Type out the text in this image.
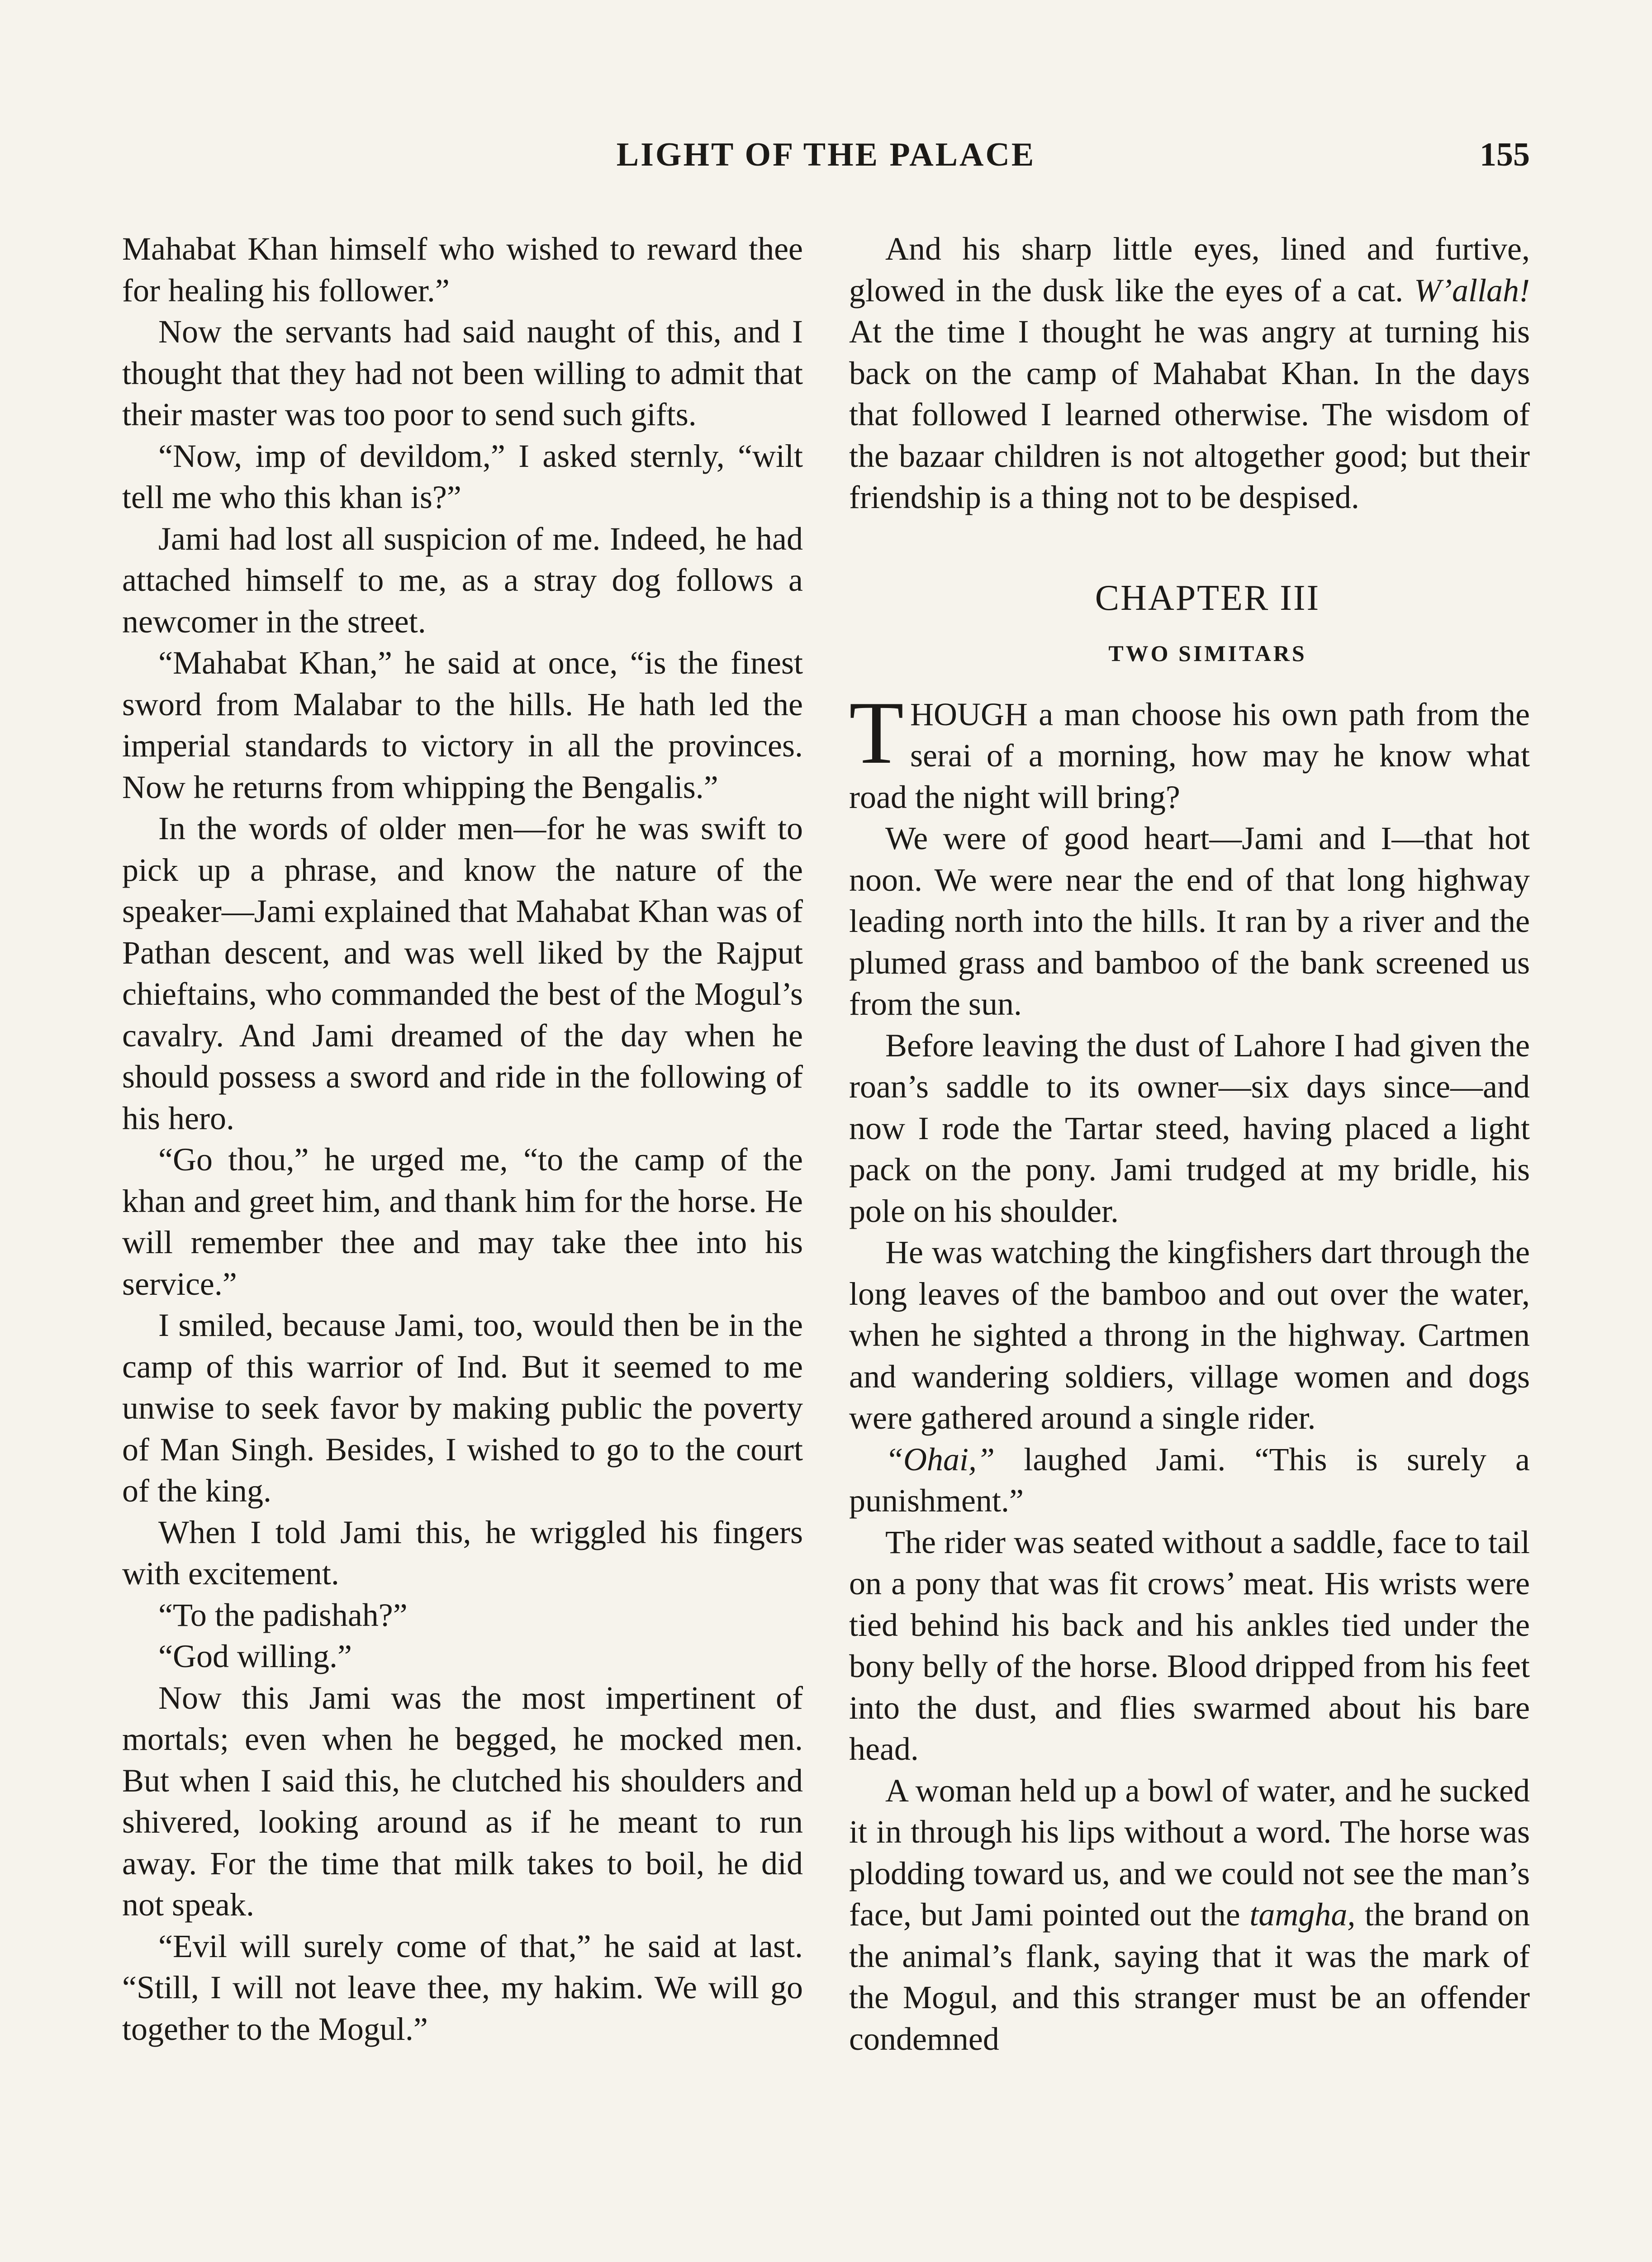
LIGHT OF THE PALACE	155

Mahabat Khan himself who wished to reward thee for healing his follower.”

Now the servants had said naught of this, and I thought that they had not been willing to admit that their master was too poor to send such gifts.

“Now, imp of devildom,” I asked sternly, “wilt tell me who this khan is?”

Jami had lost all suspicion of me. Indeed, he had attached himself to me, as a stray dog follows a newcomer in the street.

“Mahabat Khan,” he said at once, “is the finest sword from Malabar to the hills. He hath led the imperial standards to victory in all the provinces. Now he returns from whipping the Bengalis.”

In the words of older men—for he was swift to pick up a phrase, and know the nature of the speaker—Jami explained that Mahabat Khan was of Pathan descent, and was well liked by the Rajput chieftains, who commanded the best of the Mogul’s cavalry. And Jami dreamed of the day when he should possess a sword and ride in the following of his hero.

“Go thou,” he urged me, “to the camp of the khan and greet him, and thank him for the horse. He will remember thee and may take thee into his service.”

I smiled, because Jami, too, would then be in the camp of this warrior of Ind. But it seemed to me unwise to seek favor by making public the poverty of Man Singh. Besides, I wished to go to the court of the king.

When I told Jami this, he wriggled his fingers with excitement.

“To the padishah?”

“God willing.”

Now this Jami was the most impertinent of mortals; even when he begged, he mocked men. But when I said this, he clutched his shoulders and shivered, looking around as if he meant to run away. For the time that milk takes to boil, he did not speak.

“Evil will surely come of that,” he said at last. “Still, I will not leave thee, my hakim. We will go together to the Mogul.”

And his sharp little eyes, lined and furtive, glowed in the dusk like the eyes of a cat. W’allah! At the time I thought he was angry at turning his back on the camp of Mahabat Khan. In the days that followed I learned otherwise. The wisdom of the bazaar children is not altogether good; but their friendship is a thing not to be despised.

CHAPTER III

TWO SIMITARS

THOUGH a man choose his own path from the serai of a morning, how may he know what road the night will bring?

We were of good heart—Jami and I—that hot noon. We were near the end of that long highway leading north into the hills. It ran by a river and the plumed grass and bamboo of the bank screened us from the sun.

Before leaving the dust of Lahore I had given the roan’s saddle to its owner—six days since—and now I rode the Tartar steed, having placed a light pack on the pony. Jami trudged at my bridle, his pole on his shoulder.

He was watching the kingfishers dart through the long leaves of the bamboo and out over the water, when he sighted a throng in the highway. Cartmen and wandering soldiers, village women and dogs were gathered around a single rider.

“Ohai,” laughed Jami. “This is surely a punishment.”

The rider was seated without a saddle, face to tail on a pony that was fit crows’ meat. His wrists were tied behind his back and his ankles tied under the bony belly of the horse. Blood dripped from his feet into the dust, and flies swarmed about his bare head.

A woman held up a bowl of water, and he sucked it in through his lips without a word. The horse was plodding toward us, and we could not see the man’s face, but Jami pointed out the tamgha, the brand on the animal’s flank, saying that it was the mark of the Mogul, and this stranger must be an offender condemned
